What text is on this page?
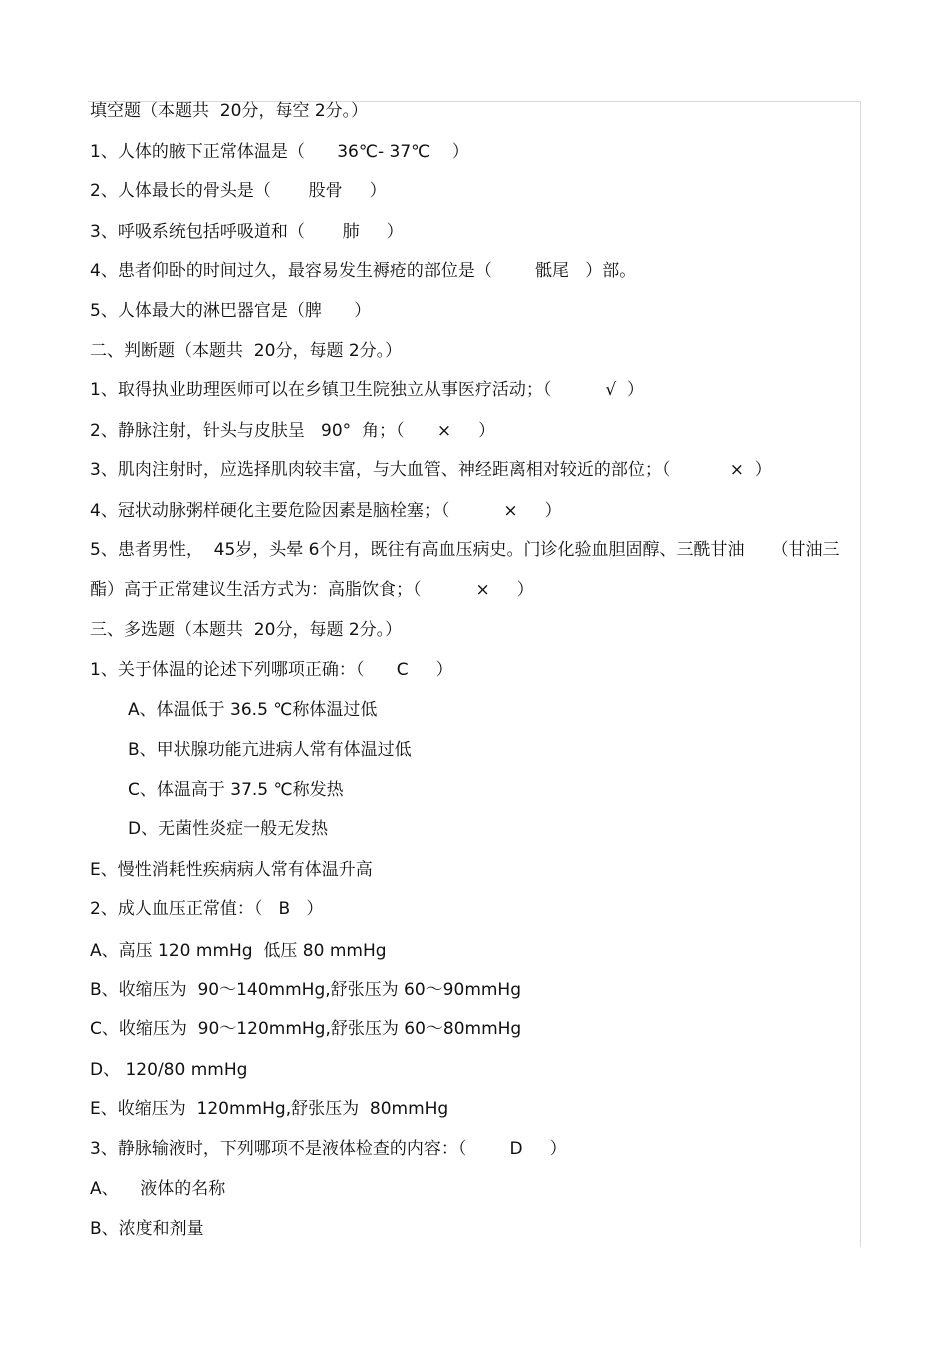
填空题（本题共  20分，每空 2分。）
1、人体的腋下正常体温是（      36℃- 37℃    ）
2、人体最长的骨头是（       股骨     ）
3、呼吸系统包括呼吸道和（       肺     ）
4、患者仰卧的时间过久，最容易发生褥疮的部位是（        骶尾   ）部。
5、人体最大的淋巴器官是（脾      ）
二、判断题（本题共  20分，每题 2分。）
1、取得执业助理医师可以在乡镇卫生院独立从事医疗活动；（          √  ）
2、静脉注射，针头与皮肤呈   90°  角；（      ×     ）
3、肌肉注射时，应选择肌肉较丰富，与大血管、神经距离相对较近的部位；（           ×  ）
4、冠状动脉粥样硬化主要危险因素是脑栓塞；（          ×     ）
5、患者男性，  45岁，头晕 6个月，既往有高血压病史。门诊化验血胆固醇、三酰甘油     （甘油三
酯）高于正常建议生活方式为：高脂饮食；（          ×     ）
三、多选题（本题共  20分，每题 2分。）
1、关于体温的论述下列哪项正确：（      C     ）
A、体温低于 36.5 ℃称体温过低
B、甲状腺功能亢进病人常有体温过低
C、体温高于 37.5 ℃称发热
D、无菌性炎症一般无发热
E、慢性消耗性疾病病人常有体温升高
2、成人血压正常值：（   B   ）
A、高压 120 mmHg  低压 80 mmHg
B、收缩压为  90～140mmHg,舒张压为 60～90mmHg
C、收缩压为  90～120mmHg,舒张压为 60～80mmHg
D、 120/80 mmHg
E、收缩压为  120mmHg,舒张压为  80mmHg
3、静脉输液时，下列哪项不是液体检查的内容：（        D     ）
A、    液体的名称
B、浓度和剂量
